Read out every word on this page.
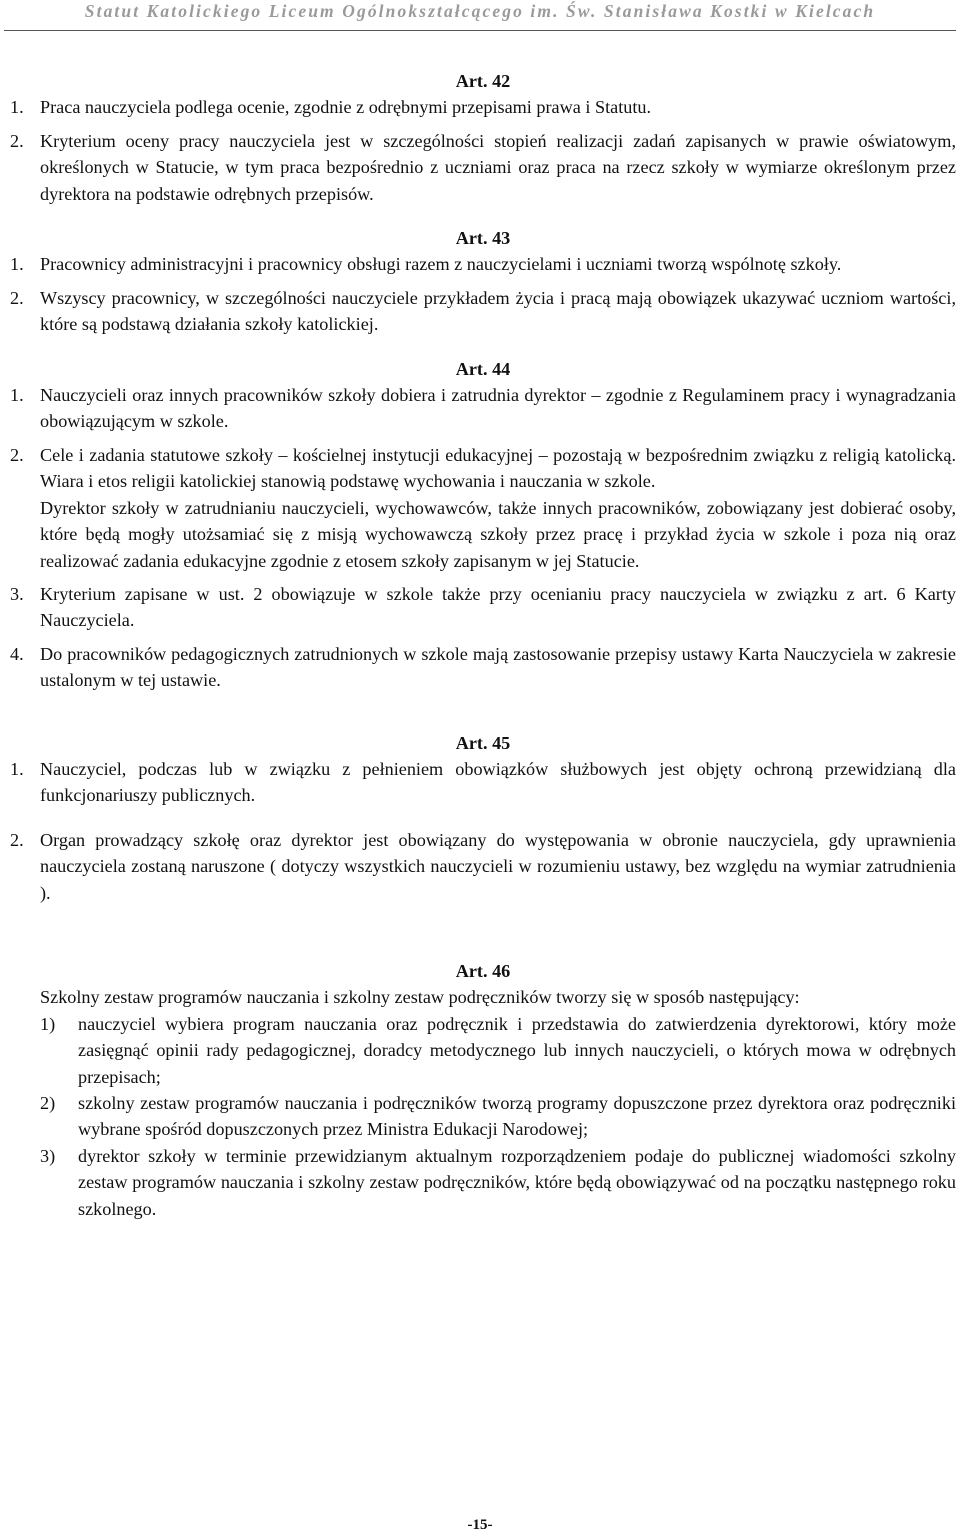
Statut Katolickiego Liceum Ogólnokształcącego im. Św. Stanisława Kostki w Kielcach
Art. 42
1. Praca nauczyciela podlega ocenie, zgodnie z odrębnymi przepisami prawa i Statutu.
2. Kryterium oceny pracy nauczyciela jest w szczególności stopień realizacji zadań zapisanych w prawie oświatowym, określonych w Statucie, w tym praca bezpośrednio z uczniami oraz praca na rzecz szkoły w wymiarze określonym przez dyrektora na podstawie odrębnych przepisów.
Art. 43
1. Pracownicy administracyjni i pracownicy obsługi razem z nauczycielami i uczniami tworzą wspólnotę szkoły.
2. Wszyscy pracownicy, w szczególności nauczyciele przykładem życia i pracą mają obowiązek ukazywać uczniom wartości, które są podstawą działania szkoły katolickiej.
Art. 44
1. Nauczycieli oraz innych pracowników szkoły dobiera i zatrudnia dyrektor – zgodnie z Regulaminem pracy i wynagradzania obowiązującym w szkole.
2. Cele i zadania statutowe szkoły – kościelnej instytucji edukacyjnej – pozostają w bezpośrednim związku z religią katolicką. Wiara i etos religii katolickiej stanowią podstawę wychowania i nauczania w szkole.
Dyrektor szkoły w zatrudnianiu nauczycieli, wychowawców, także innych pracowników, zobowiązany jest dobierać osoby, które będą mogły utożsamiać się z misją wychowawczą szkoły przez pracę i przykład życia w szkole i poza nią oraz realizować zadania edukacyjne zgodnie z etosem szkoły zapisanym w jej Statucie.
3. Kryterium zapisane w ust. 2 obowiązuje w szkole także przy ocenianiu pracy nauczyciela w związku z art. 6 Karty Nauczyciela.
4. Do pracowników pedagogicznych zatrudnionych w szkole mają zastosowanie przepisy ustawy Karta Nauczyciela w zakresie ustalonym w tej ustawie.
Art. 45
1. Nauczyciel, podczas lub w związku z pełnieniem obowiązków służbowych jest objęty ochroną przewidzianą dla funkcjonariuszy publicznych.
2. Organ prowadzący szkołę oraz dyrektor jest obowiązany do występowania w obronie nauczyciela, gdy uprawnienia nauczyciela zostaną naruszone ( dotyczy wszystkich nauczycieli w rozumieniu ustawy, bez względu na wymiar zatrudnienia ).
Art. 46
Szkolny zestaw programów nauczania i szkolny zestaw podręczników tworzy się w sposób następujący:
1)	nauczyciel wybiera program nauczania oraz podręcznik i przedstawia do zatwierdzenia dyrektorowi, który może zasięgnąć opinii rady pedagogicznej, doradcy metodycznego lub innych nauczycieli, o których mowa w odrębnych przepisach;
2)	szkolny zestaw programów nauczania i podręczników tworzą programy dopuszczone przez dyrektora oraz podręczniki wybrane spośród dopuszczonych przez Ministra Edukacji Narodowej;
3)	dyrektor szkoły w terminie przewidzianym aktualnym rozporządzeniem podaje do publicznej wiadomości szkolny zestaw programów nauczania i szkolny zestaw podręczników, które będą obowiązywać od na początku następnego roku szkolnego.
-15-
